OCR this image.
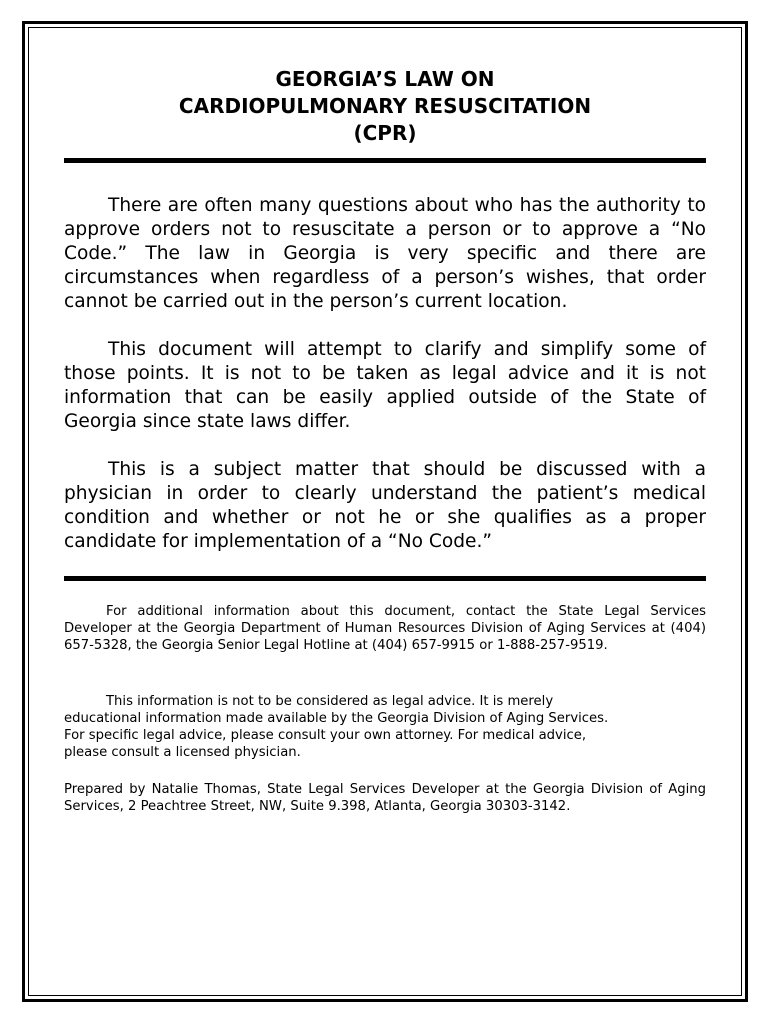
GEORGIA’S LAW ON
CARDIOPULMONARY RESUSCITATION
(CPR)

There are often many questions about who has the authority to approve orders not to resuscitate a person or to approve a “No Code.” The law in Georgia is very specific and there are circumstances when regardless of a person’s wishes, that order cannot be carried out in the person’s current location.

This document will attempt to clarify and simplify some of those points. It is not to be taken as legal advice and it is not information that can be easily applied outside of the State of Georgia since state laws differ.

This is a subject matter that should be discussed with a physician in order to clearly understand the patient’s medical condition and whether or not he or she qualifies as a proper candidate for implementation of a “No Code.”

For additional information about this document, contact the State Legal Services Developer at the Georgia Department of Human Resources Division of Aging Services at (404) 657-5328, the Georgia Senior Legal Hotline at (404) 657-9915 or 1-888-257-9519.
This information is not to be considered as legal advice. It is merely
educational information made available by the Georgia Division of Aging Services.
For specific legal advice, please consult your own attorney. For medical advice,
please consult a licensed physician.
Prepared by Natalie Thomas, State Legal Services Developer at the Georgia Division of Aging Services, 2 Peachtree Street, NW, Suite 9.398, Atlanta, Georgia 30303-3142.
